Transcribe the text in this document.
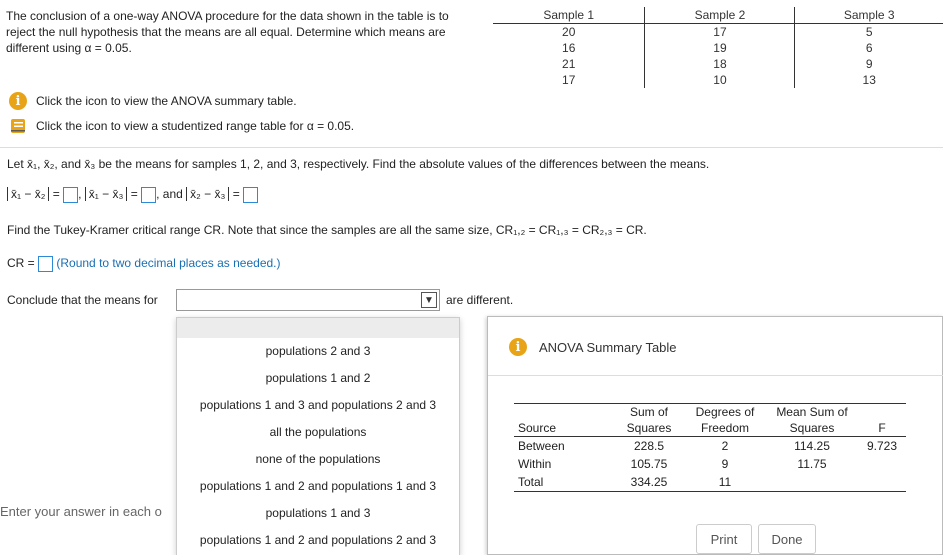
The conclusion of a one-way ANOVA procedure for the data shown in the table is to reject the null hypothesis that the means are all equal. Determine which means are different using α = 0.05.
Sample 1	Sample 2	Sample 3
20	17	5
16	19	6
21	18	9
17	10	13
i	Click the icon to view the ANOVA summary table.
Click the icon to view a studentized range table for α = 0.05.
Let x̄₁, x̄₂, and x̄₃ be the means for samples 1, 2, and 3, respectively. Find the absolute values of the differences between the means.
x̄₁ − x̄₂ = , x̄₁ − x̄₃ = , and x̄₂ − x̄₃ =
Find the Tukey-Kramer critical range CR. Note that since the samples are all the same size, CR₁,₂ = CR₁,₃ = CR₂,₃ = CR.
CR = (Round to two decimal places as needed.)
Conclude that the means for	▼ are different.
populations 2 and 3
populations 1 and 2
populations 1 and 3 and populations 2 and 3
all the populations
none of the populations
populations 1 and 2 and populations 1 and 3
populations 1 and 3
populations 1 and 2 and populations 2 and 3
Enter your answer in each o
i	ANOVA Summary Table
	Sum of	Degrees of	Mean Sum of	
Source	Squares	Freedom	Squares	F
Between	228.5	2	114.25	9.723
Within	105.75	9	11.75	
Total	334.25	11		
Print	Done
